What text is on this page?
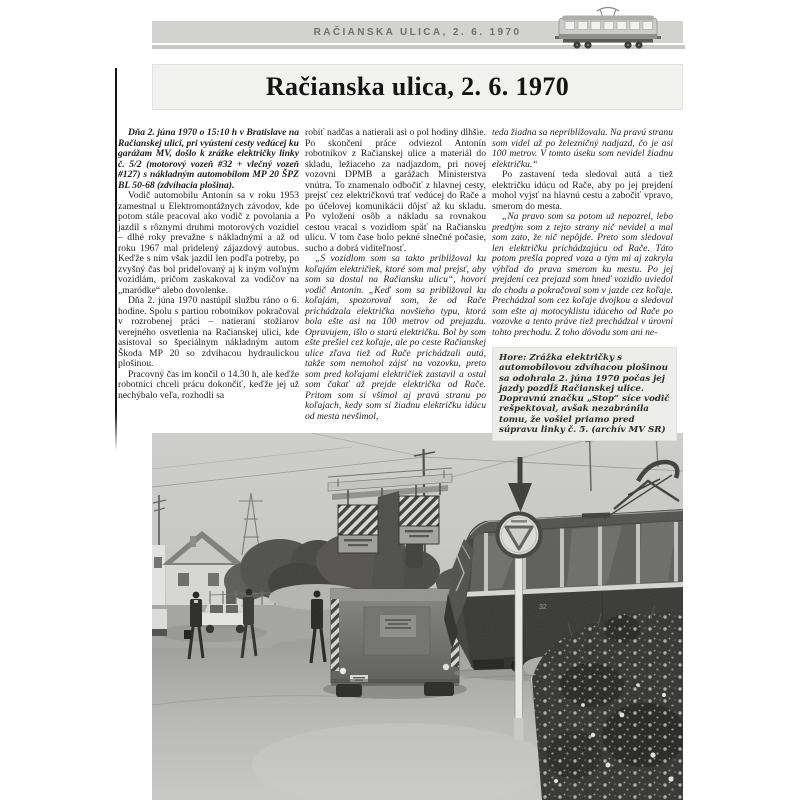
RAČIANSKA ULICA, 2. 6. 1970
Račianska ulica, 2. 6. 1970

Dňa 2. júna 1970 o 15:10 h v Bratislave na Račianskej ulici, pri vyústení cesty vedúcej ku garážam MV, došlo k zrážke električky linky č. 5/2 (motorový vozeň #32 + vlečný vozeň #127) s nákladným automobilom MP 20 ŠPZ BL 50-68 (zdvíhacia plošina).

Vodič automobilu Antonín sa v roku 1953 zamestnal u Elektromontážnych závodov, kde potom stále pracoval ako vodič z povolania a jazdil s rôznymi druhmi motorových vozidiel – dlhé roky prevažne s nákladnými a až od roku 1967 mal pridelený zájazdový autobus. Keďže s ním však jazdil len podľa potreby, po zvyšný čas bol prideľovaný aj k iným voľným vozidlám, pričom zaskakoval za vodičov na „maródke“ alebo dovolenke.

Dňa 2. júna 1970 nastúpil službu ráno o 6. hodine. Spolu s partiou robotníkov pokračoval v rozrobenej práci – natieraní stožiarov verejného osvetlenia na Račianskej ulici, kde asistoval so špeciálnym nákladným autom Škoda MP 20 so zdvíhacou hydraulickou plošinou.

Pracovný čas im končil o 14.30 h, ale keďže robotníci chceli prácu dokončiť, keďže jej už nechýbalo veľa, rozhodli sa

robiť nadčas a natierali asi o pol hodiny dlhšie. Po skončení práce odviezol Antonín robotníkov z Račianskej ulice a materiál do skladu, ležiaceho za nadjazdom, pri novej vozovni DPMB a garážach Ministerstva vnútra. To znamenalo odbočiť z hlavnej cesty, prejsť cez električkovú trať vedúcej do Rače a po účelovej komunikácii dôjsť až ku skladu. Po vyložení osôb a nákladu sa rovnakou cestou vracal s vozidlom späť na Račiansku ulicu. V tom čase bolo pekné slnečné počasie, sucho a dobrá viditeľnosť.

„S vozidlom som sa takto približoval ku koľajám električiek, ktoré som mal prejsť, aby som sa dostal na Račiansku ulicu“, hovorí vodič Antonín. „Keď som sa približoval ku koľajám, spozoroval som, že od Rače prichádzala električka novšieho typu, ktorá bola ešte asi na 100 metrov od prejazdu. Opravujem, išlo o starú električku. Bol by som ešte prešiel cez koľaje, ale po ceste Račianskej ulice zľava tiež od Rače prichádzali autá, takže som nemohol zájsť na vozovku, preto som pred koľajami električiek zastavil a ostal som čakať až prejde električka od Rače. Pritom som si všímol aj pravú stranu po koľajach, kedy som si žiadnu električku idúcu od mesta nevšimol,

teda žiadna sa nepribližovala. Na pravú stranu som videl až po železničný nadjazd, čo je asi 100 metrov. V tomto úseku som nevidel žiadnu električku.“

Po zastavení teda sledoval autá a tiež električku idúcu od Rače, aby po jej prejdení mohol vyjsť na hlavnú cestu a zabočiť vpravo, smerom do mesta.

„Na pravo som sa potom už nepozrel, lebo predtým som z tejto strany nič nevidel a mal som zato, že nič nepôjde. Preto som sledoval len električku prichádzajúcu od Rače. Táto potom prešla popred voza a tým mi aj zakryla výhľad do prava smerom ku mestu. Po jej prejdení cez prejazd som hneď vozidlo uviedol do chodu a pokračoval som v jazde cez koľaje. Prechádzal som cez koľaje dvojkou a sledoval som ešte aj motocyklistu idúceho od Rače po vozovke a tento práve tiež prechádzal v úrovni tohto prechodu. Z toho dôvodu som ani ne-

Hore: Zrážka električky s automobilovou zdvíhacou plošinou sa odohrala 2. júna 1970 počas jej jazdy pozdĺž Račianskej ulice. Dopravnú značku „Stop“ síce vodič rešpektoval, avšak nezabránila tomu, že vošiel priamo pred súpravu linky č. 5. (archív MV SR)
